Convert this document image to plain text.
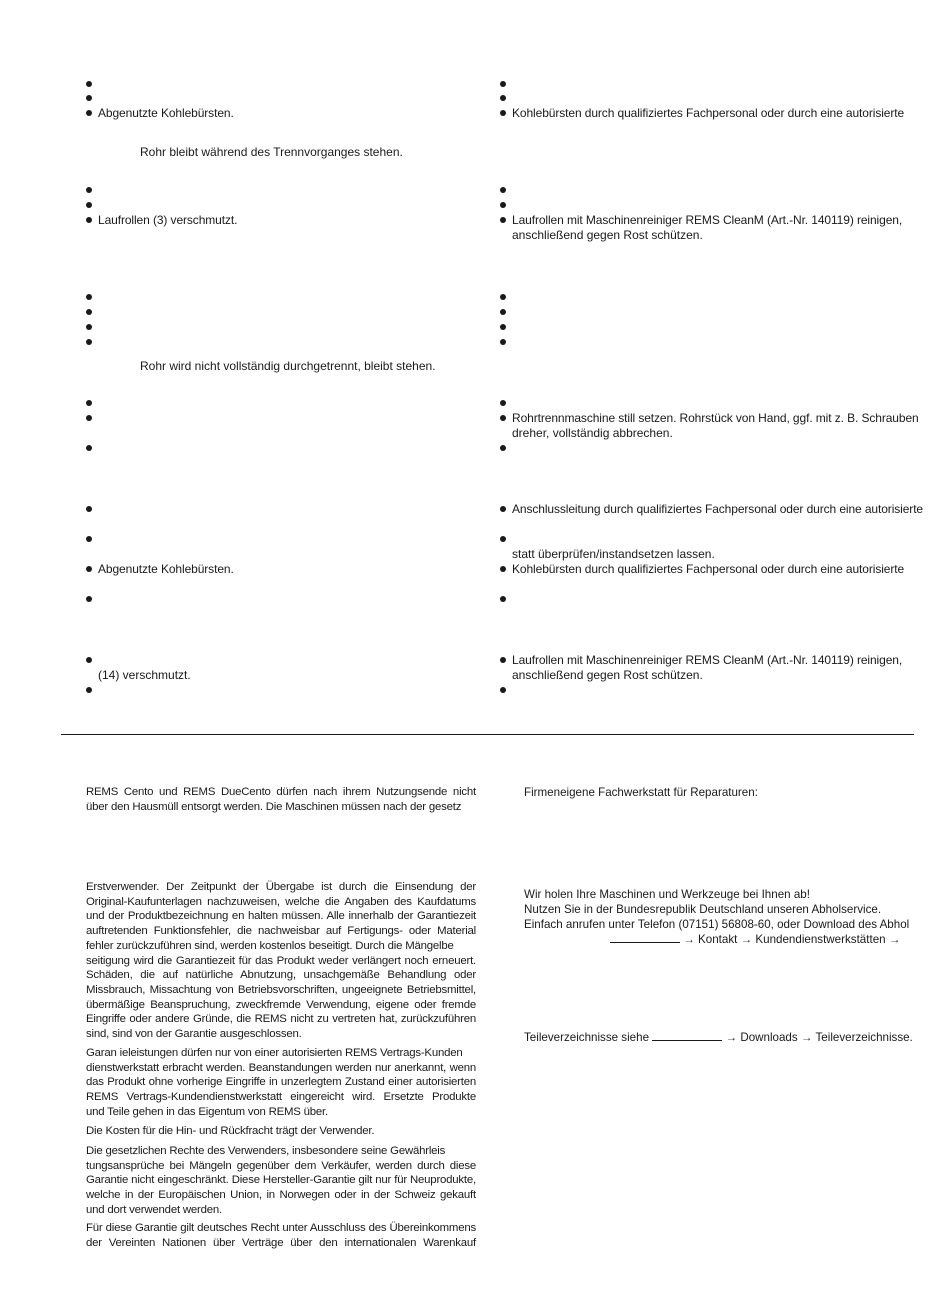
Abgenutzte Kohlebürsten.
Rohr bleibt während des Trennvorganges stehen.
Laufrollen (3) verschmutzt.
Rohr wird nicht vollständig durchgetrennt, bleibt stehen.
Abgenutzte Kohlebürsten.
(14) verschmutzt.
Kohlebürsten durch qualifiziertes Fachpersonal oder durch eine autorisierte
Laufrollen mit Maschinenreiniger REMS CleanM (Art.-Nr. 140119) reinigen,
anschließend gegen Rost schützen.
Rohrtrennmaschine still setzen. Rohrstück von Hand, ggf. mit z. B. Schrauben
dreher, vollständig abbrechen.
Anschlussleitung durch qualifiziertes Fachpersonal oder durch eine autorisierte
statt überprüfen/instandsetzen lassen.
Kohlebürsten durch qualifiziertes Fachpersonal oder durch eine autorisierte
Laufrollen mit Maschinenreiniger REMS CleanM (Art.-Nr. 140119) reinigen,
anschließend gegen Rost schützen.
REMS Cento und REMS DueCento dürfen nach ihrem Nutzungsende nicht
über den Hausmüll entsorgt werden. Die Maschinen müssen nach der gesetz
Erstverwender. Der Zeitpunkt der Übergabe ist durch die Einsendung der
Original-Kaufunterlagen nachzuweisen, welche die Angaben des Kaufdatums
und der Produktbezeichnung en halten müssen. Alle innerhalb der Garantiezeit
auftretenden Funktionsfehler, die nachweisbar auf Fertigungs- oder Material
fehler zurückzuführen sind, werden kostenlos beseitigt. Durch die Mängelbe
seitigung wird die Garantiezeit für das Produkt weder verlängert noch erneuert.
Schäden, die auf natürliche Abnutzung, unsachgemäße Behandlung oder
Missbrauch, Missachtung von Betriebsvorschriften, ungeeignete Betriebsmittel,
übermäßige Beanspruchung, zweckfremde Verwendung, eigene oder fremde
Eingriffe oder andere Gründe, die REMS nicht zu vertreten hat, zurückzuführen
sind, sind von der Garantie ausgeschlossen.
Garan ieleistungen dürfen nur von einer autorisierten REMS Vertrags-Kunden
dienstwerkstatt erbracht werden. Beanstandungen werden nur anerkannt, wenn
das Produkt ohne vorherige Eingriffe in unzerlegtem Zustand einer autorisierten
REMS Vertrags-Kundendienstwerkstatt eingereicht wird. Ersetzte Produkte
und Teile gehen in das Eigentum von REMS über.
Die Kosten für die Hin- und Rückfracht trägt der Verwender.
Die gesetzlichen Rechte des Verwenders, insbesondere seine Gewährleis
tungsansprüche bei Mängeln gegenüber dem Verkäufer, werden durch diese
Garantie nicht eingeschränkt. Diese Hersteller-Garantie gilt nur für Neuprodukte,
welche in der Europäischen Union, in Norwegen oder in der Schweiz gekauft
und dort verwendet werden.
Für diese Garantie gilt deutsches Recht unter Ausschluss des Übereinkommens
der Vereinten Nationen über Verträge über den internationalen Warenkauf
Firmeneigene Fachwerkstatt für Reparaturen:
Wir holen Ihre Maschinen und Werkzeuge bei Ihnen ab!
Nutzen Sie in der Bundesrepublik Deutschland unseren Abholservice.
Einfach anrufen unter Telefon (07151) 56808-60, oder Download des Abhol
→ Kontakt → Kundendienstwerkstätten →
Teileverzeichnisse siehe	→ Downloads → Teileverzeichnisse.
